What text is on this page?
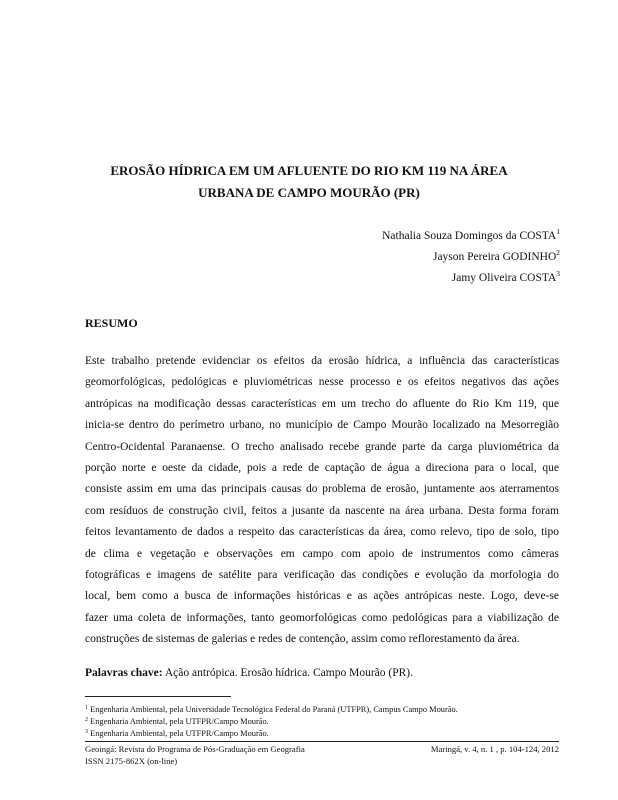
EROSÃO HÍDRICA EM UM AFLUENTE DO RIO KM 119 NA ÁREA
URBANA DE CAMPO MOURÃO (PR)
Nathalia Souza Domingos da COSTA$^1$
Jayson Pereira GODINHO$^2$
Jamy Oliveira COSTA$^3$
RESUMO
Este trabalho pretende evidenciar os efeitos da erosão hídrica, a influência das características
geomorfológicas, pedológicas e pluviométricas nesse processo e os efeitos negativos das ações
antrópicas na modificação dessas características em um trecho do afluente do Rio Km 119, que
inicia-se dentro do perímetro urbano, no município de Campo Mourão localizado na Mesorregião
Centro-Ocidental Paranaense. O trecho analisado recebe grande parte da carga pluviométrica da
porção norte e oeste da cidade, pois a rede de captação de água a direciona para o local, que
consiste assim em uma das principais causas do problema de erosão, juntamente aos aterramentos
com resíduos de construção civil, feitos a jusante da nascente na área urbana. Desta forma foram
feitos levantamento de dados a respeito das características da área, como relevo, tipo de solo, tipo
de clima e vegetação e observações em campo com apoio de instrumentos como câmeras
fotográficas e imagens de satélite para verificação das condições e evolução da morfologia do
local, bem como a busca de informações históricas e as ações antrópicas neste. Logo, deve-se
fazer uma coleta de informações, tanto geomorfológicas como pedológicas para a viabilização de
construções de sistemas de galerias e redes de contenção, assim como reflorestamento da área.
Palavras chave: Ação antrópica. Erosão hídrica. Campo Mourão (PR).
$^1$ Engenharia Ambiental, pela Universidade Tecnológica Federal do Paraná (UTFPR), Campus Campo Mourão.
$^2$ Engenharia Ambiental, pela UTFPR/Campo Mourão.
$^3$ Engenharia Ambiental, pela UTFPR/Campo Mourão.
Geoingá: Revista do Programa de Pós-Graduação em Geografia	Maringá, v. 4, n. 1 , p. 104-124, 2012
ISSN 2175-862X (on-line)
